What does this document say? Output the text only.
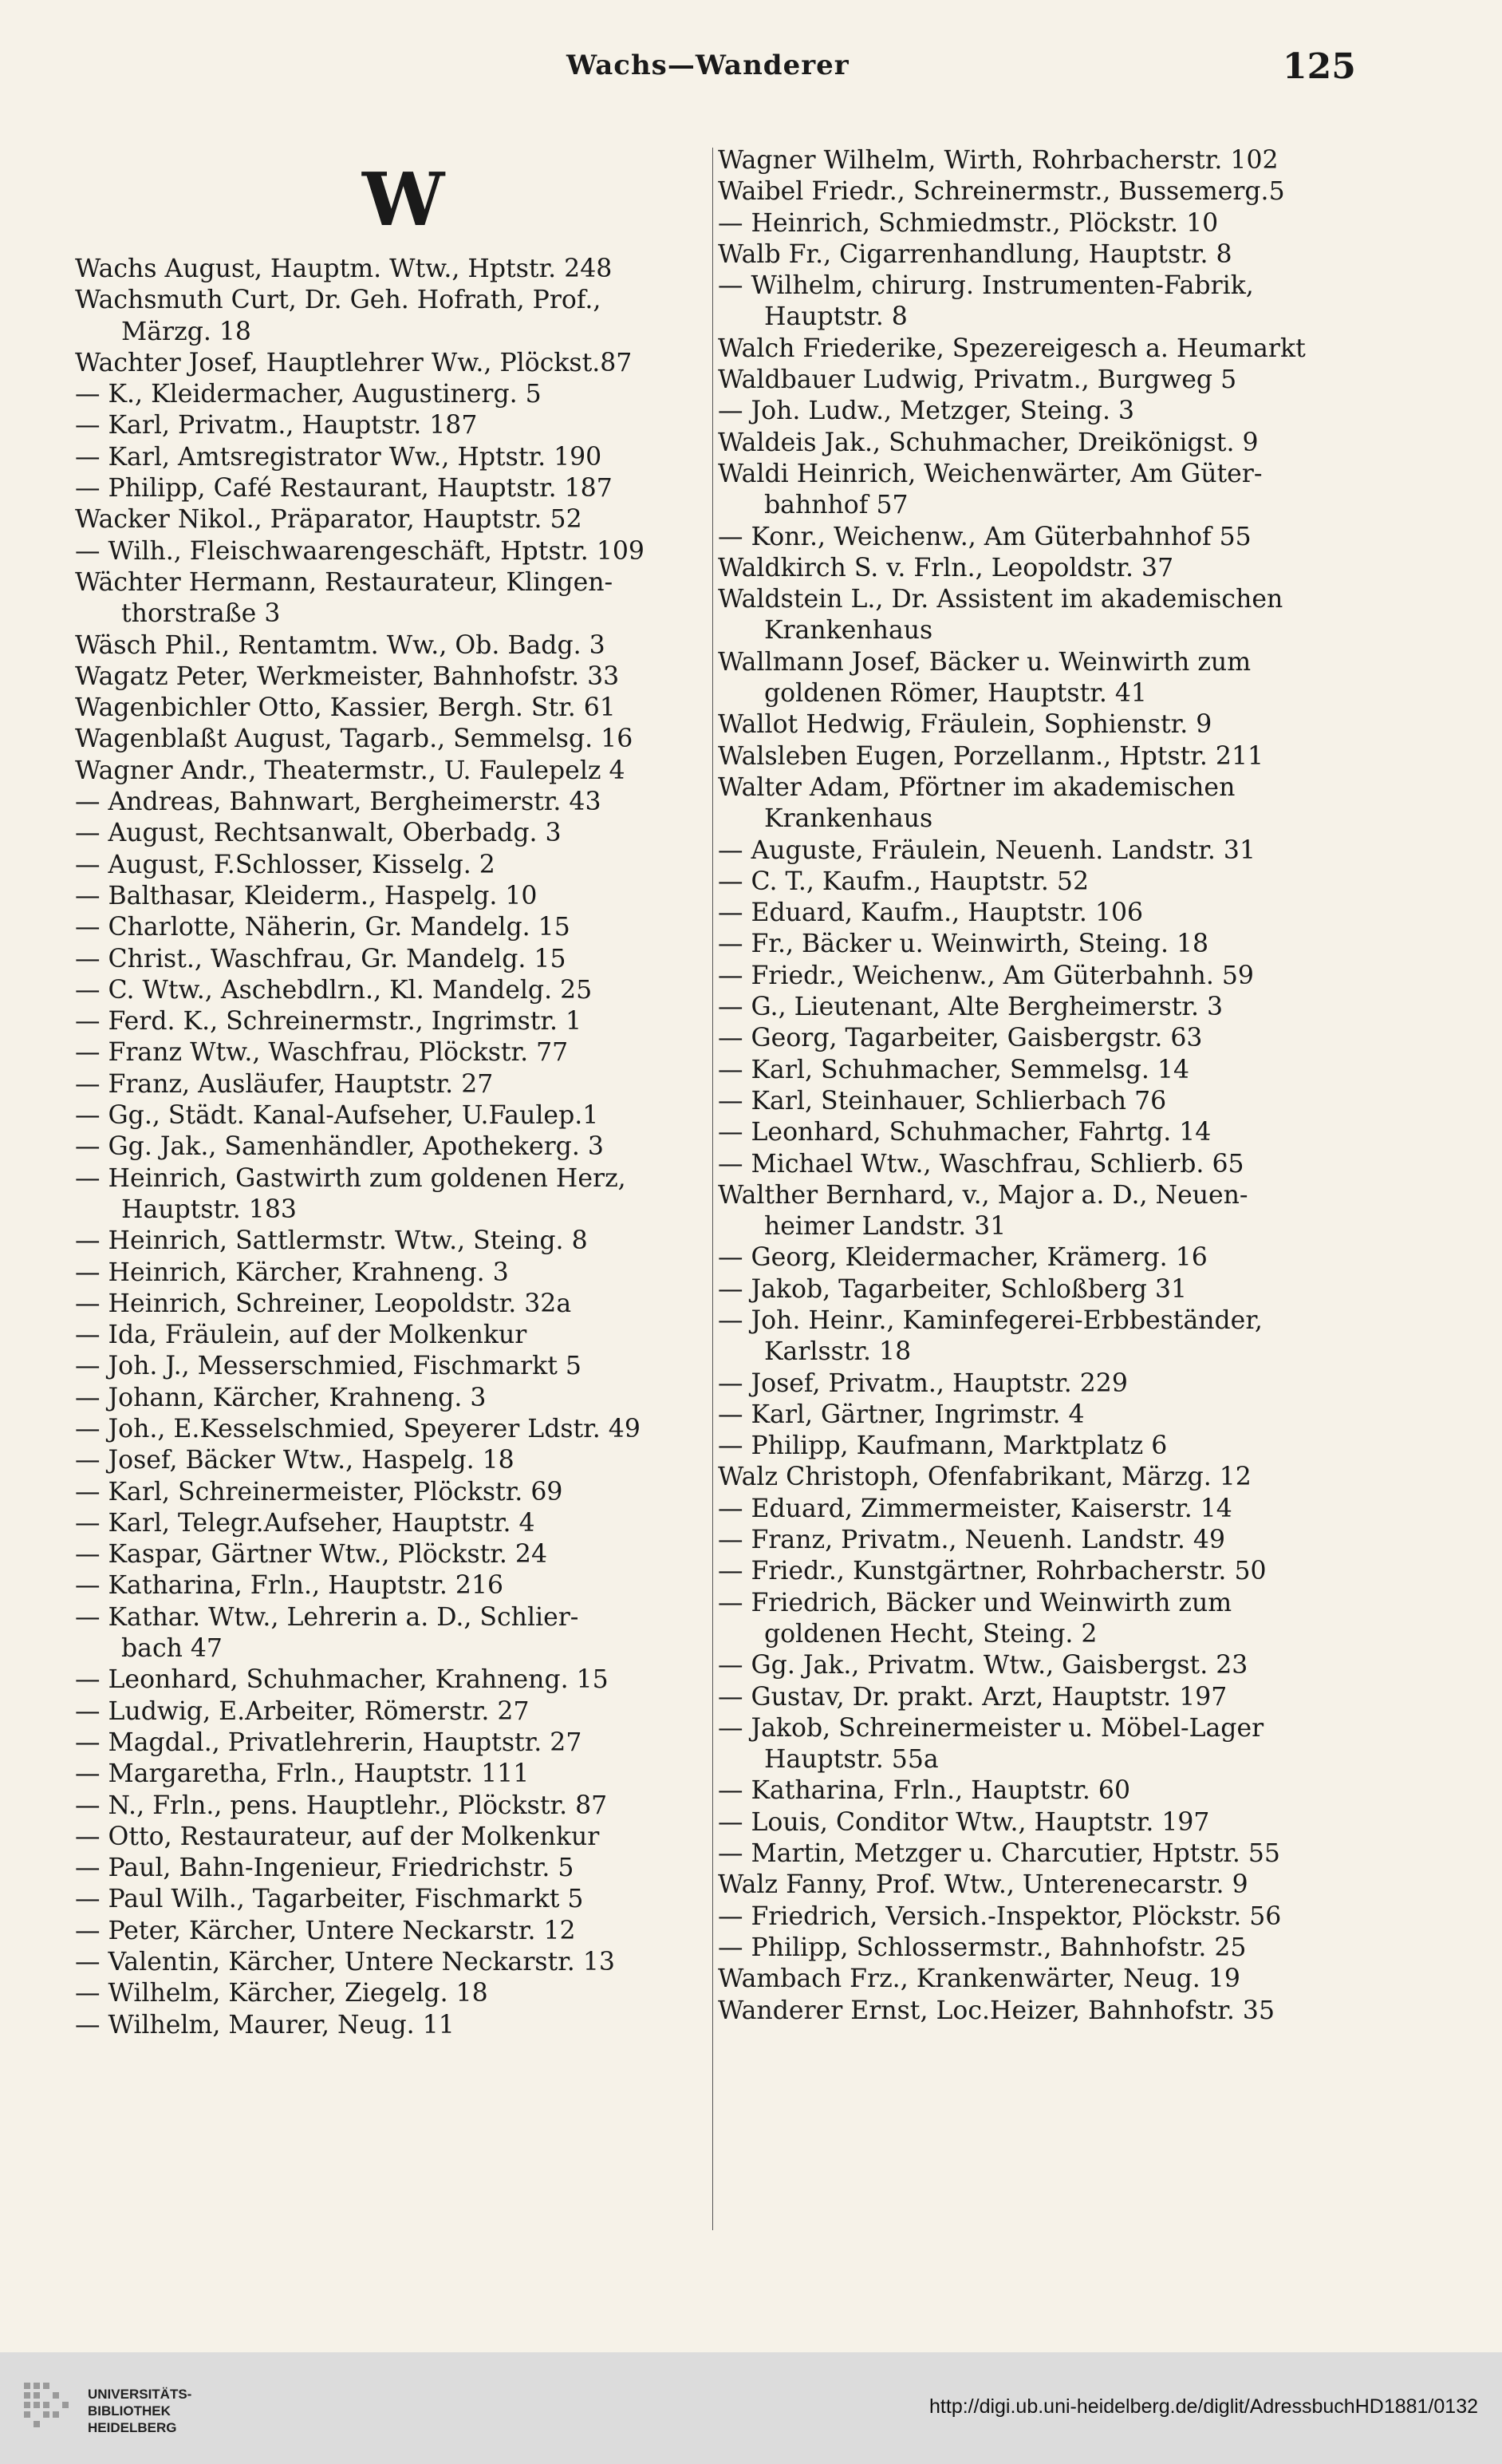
Wachs—Wanderer	125
W
Wachs August, Hauptm. Wtw., Hptstr. 248
Wachsmuth Curt, Dr. Geh. Hofrath, Prof.,
Märzg. 18
Wachter Josef, Hauptlehrer Ww., Plöckst.87
— K., Kleidermacher, Augustinerg. 5
— Karl, Privatm., Hauptstr. 187
— Karl, Amtsregistrator Ww., Hptstr. 190
— Philipp, Café Restaurant, Hauptstr. 187
Wacker Nikol., Präparator, Hauptstr. 52
— Wilh., Fleischwaarengeschäft, Hptstr. 109
Wächter Hermann, Restaurateur, Klingen-
thorstraße 3
Wäsch Phil., Rentamtm. Ww., Ob. Badg. 3
Wagatz Peter, Werkmeister, Bahnhofstr. 33
Wagenbichler Otto, Kassier, Bergh. Str. 61
Wagenblaßt August, Tagarb., Semmelsg. 16
Wagner Andr., Theatermstr., U. Faulepelz 4
— Andreas, Bahnwart, Bergheimerstr. 43
— August, Rechtsanwalt, Oberbadg. 3
— August, F.Schlosser, Kisselg. 2
— Balthasar, Kleiderm., Haspelg. 10
— Charlotte, Näherin, Gr. Mandelg. 15
— Christ., Waschfrau, Gr. Mandelg. 15
— C. Wtw., Aschebdlrn., Kl. Mandelg. 25
— Ferd. K., Schreinermstr., Ingrimstr. 1
— Franz Wtw., Waschfrau, Plöckstr. 77
— Franz, Ausläufer, Hauptstr. 27
— Gg., Städt. Kanal-Aufseher, U.Faulep.1
— Gg. Jak., Samenhändler, Apothekerg. 3
— Heinrich, Gastwirth zum goldenen Herz,
Hauptstr. 183
— Heinrich, Sattlermstr. Wtw., Steing. 8
— Heinrich, Kärcher, Krahneng. 3
— Heinrich, Schreiner, Leopoldstr. 32a
— Ida, Fräulein, auf der Molkenkur
— Joh. J., Messerschmied, Fischmarkt 5
— Johann, Kärcher, Krahneng. 3
— Joh., E.Kesselschmied, Speyerer Ldstr. 49
— Josef, Bäcker Wtw., Haspelg. 18
— Karl, Schreinermeister, Plöckstr. 69
— Karl, Telegr.Aufseher, Hauptstr. 4
— Kaspar, Gärtner Wtw., Plöckstr. 24
— Katharina, Frln., Hauptstr. 216
— Kathar. Wtw., Lehrerin a. D., Schlier-
bach 47
— Leonhard, Schuhmacher, Krahneng. 15
— Ludwig, E.Arbeiter, Römerstr. 27
— Magdal., Privatlehrerin, Hauptstr. 27
— Margaretha, Frln., Hauptstr. 111
— N., Frln., pens. Hauptlehr., Plöckstr. 87
— Otto, Restaurateur, auf der Molkenkur
— Paul, Bahn-Ingenieur, Friedrichstr. 5
— Paul Wilh., Tagarbeiter, Fischmarkt 5
— Peter, Kärcher, Untere Neckarstr. 12
— Valentin, Kärcher, Untere Neckarstr. 13
— Wilhelm, Kärcher, Ziegelg. 18
— Wilhelm, Maurer, Neug. 11
Wagner Wilhelm, Wirth, Rohrbacherstr. 102
Waibel Friedr., Schreinermstr., Bussemerg.5
— Heinrich, Schmiedmstr., Plöckstr. 10
Walb Fr., Cigarrenhandlung, Hauptstr. 8
— Wilhelm, chirurg. Instrumenten-Fabrik,
Hauptstr. 8
Walch Friederike, Spezereigesch a. Heumarkt
Waldbauer Ludwig, Privatm., Burgweg 5
— Joh. Ludw., Metzger, Steing. 3
Waldeis Jak., Schuhmacher, Dreikönigst. 9
Waldi Heinrich, Weichenwärter, Am Güter-
bahnhof 57
— Konr., Weichenw., Am Güterbahnhof 55
Waldkirch S. v. Frln., Leopoldstr. 37
Waldstein L., Dr. Assistent im akademischen
Krankenhaus
Wallmann Josef, Bäcker u. Weinwirth zum
goldenen Römer, Hauptstr. 41
Wallot Hedwig, Fräulein, Sophienstr. 9
Walsleben Eugen, Porzellanm., Hptstr. 211
Walter Adam, Pförtner im akademischen
Krankenhaus
— Auguste, Fräulein, Neuenh. Landstr. 31
— C. T., Kaufm., Hauptstr. 52
— Eduard, Kaufm., Hauptstr. 106
— Fr., Bäcker u. Weinwirth, Steing. 18
— Friedr., Weichenw., Am Güterbahnh. 59
— G., Lieutenant, Alte Bergheimerstr. 3
— Georg, Tagarbeiter, Gaisbergstr. 63
— Karl, Schuhmacher, Semmelsg. 14
— Karl, Steinhauer, Schlierbach 76
— Leonhard, Schuhmacher, Fahrtg. 14
— Michael Wtw., Waschfrau, Schlierb. 65
Walther Bernhard, v., Major a. D., Neuen-
heimer Landstr. 31
— Georg, Kleidermacher, Krämerg. 16
— Jakob, Tagarbeiter, Schloßberg 31
— Joh. Heinr., Kaminfegerei-Erbbeständer,
Karlsstr. 18
— Josef, Privatm., Hauptstr. 229
— Karl, Gärtner, Ingrimstr. 4
— Philipp, Kaufmann, Marktplatz 6
Walz Christoph, Ofenfabrikant, Märzg. 12
— Eduard, Zimmermeister, Kaiserstr. 14
— Franz, Privatm., Neuenh. Landstr. 49
— Friedr., Kunstgärtner, Rohrbacherstr. 50
— Friedrich, Bäcker und Weinwirth zum
goldenen Hecht, Steing. 2
— Gg. Jak., Privatm. Wtw., Gaisbergst. 23
— Gustav, Dr. prakt. Arzt, Hauptstr. 197
— Jakob, Schreinermeister u. Möbel-Lager
Hauptstr. 55a
— Katharina, Frln., Hauptstr. 60
— Louis, Conditor Wtw., Hauptstr. 197
— Martin, Metzger u. Charcutier, Hptstr. 55
Walz Fanny, Prof. Wtw., Unterenecarstr. 9
— Friedrich, Versich.-Inspektor, Plöckstr. 56
— Philipp, Schlossermstr., Bahnhofstr. 25
Wambach Frz., Krankenwärter, Neug. 19
Wanderer Ernst, Loc.Heizer, Bahnhofstr. 35
UNIVERSITÄTS-
BIBLIOTHEK
HEIDELBERG
http://digi.ub.uni-heidelberg.de/diglit/AdressbuchHD1881/0132
